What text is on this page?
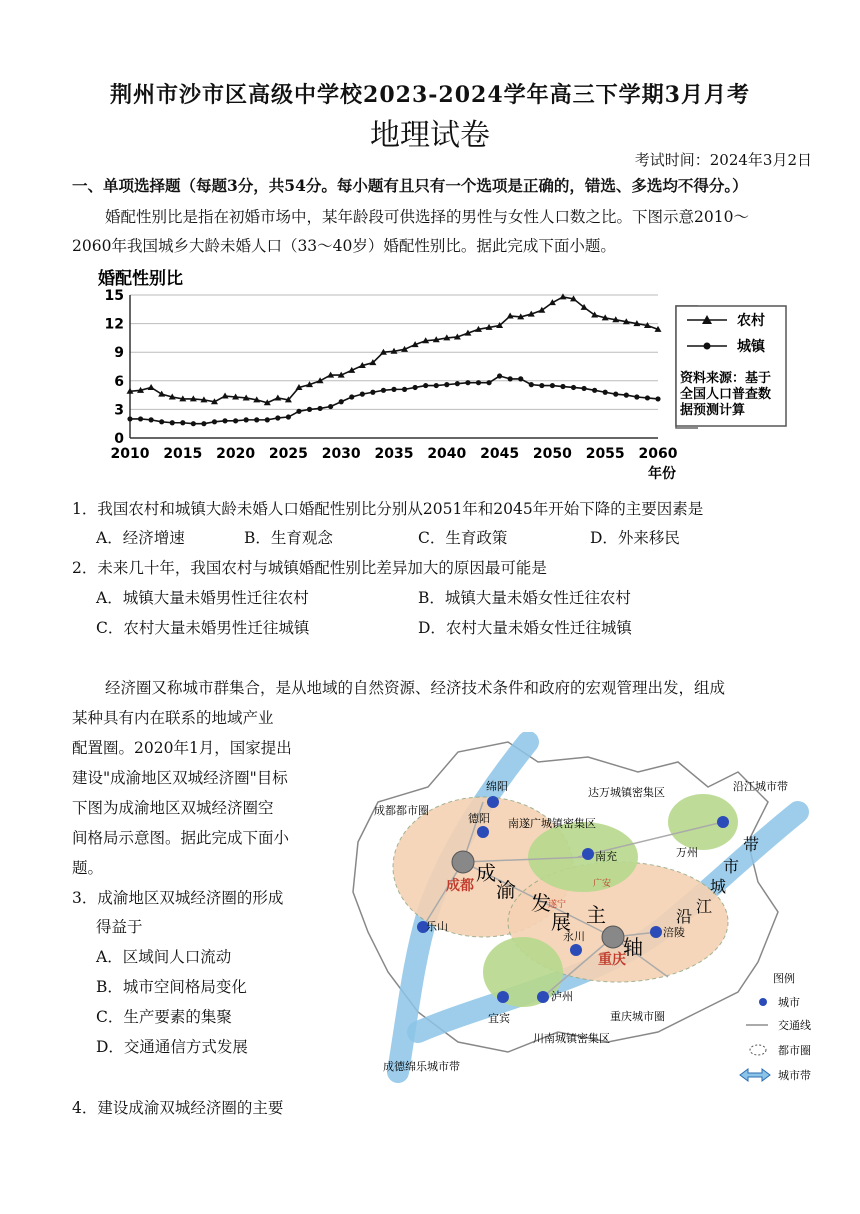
荆州市沙市区高级中学校2023-2024学年高三下学期3月月考
地理试卷
考试时间：2024年3月2日
一、单项选择题（每题3分，共54分。每小题有且只有一个选项是正确的，错选、多选均不得分。）

婚配性别比是指在初婚市场中，某年龄段可供选择的男性与女性人口数之比。下图示意2010～

2060年我国城乡大龄未婚人口（33～40岁）婚配性别比。据此完成下面小题。

婚配性别比
0
3
6
9
12
15
2010 2015 2020 2025 2030 2035 2040 2045 2050 2055 2060
年份
农村
城镇
资料来源：基于
全国人口普查数
据预测计算

1．我国农村和城镇大龄未婚人口婚配性别比分别从2051年和2045年开始下降的主要因素是

A．经济增速	B．生育观念	C．生育政策	D．外来移民

2．未来几十年，我国农村与城镇婚配性别比差异加大的原因最可能是

A．城镇大量未婚男性迁往农村	B．城镇大量未婚女性迁往农村

C．农村大量未婚男性迁往城镇	D．农村大量未婚女性迁往城镇

经济圈又称城市群集合，是从地域的自然资源、经济技术条件和政府的宏观管理出发，组成

某种具有内在联系的地域产业

配置圈。2020年1月，国家提出

建设"成渝地区双城经济圈"目标

下图为成渝地区双城经济圈空

间格局示意图。据此完成下面小

题。

3．成渝地区双城经济圈的形成

得益于

A．区域间人口流动

B．城市空间格局变化

C．生产要素的集聚

D．交通通信方式发展

4．建设成渝双城经济圈的主要

绵阳
德阳
成都
乐山
宜宾
泸州
永川
重庆
涪陵
南充
广安
遂宁
万州
成都都市圈
南遂广城镇密集区
达万城镇密集区	沿江城市带
重庆城市圈
川南城镇密集区
成德绵乐城市带
成
渝
发
展 主
轴
沿
江
城
市
带
图例
城市
交通线
都市圈
城市带
